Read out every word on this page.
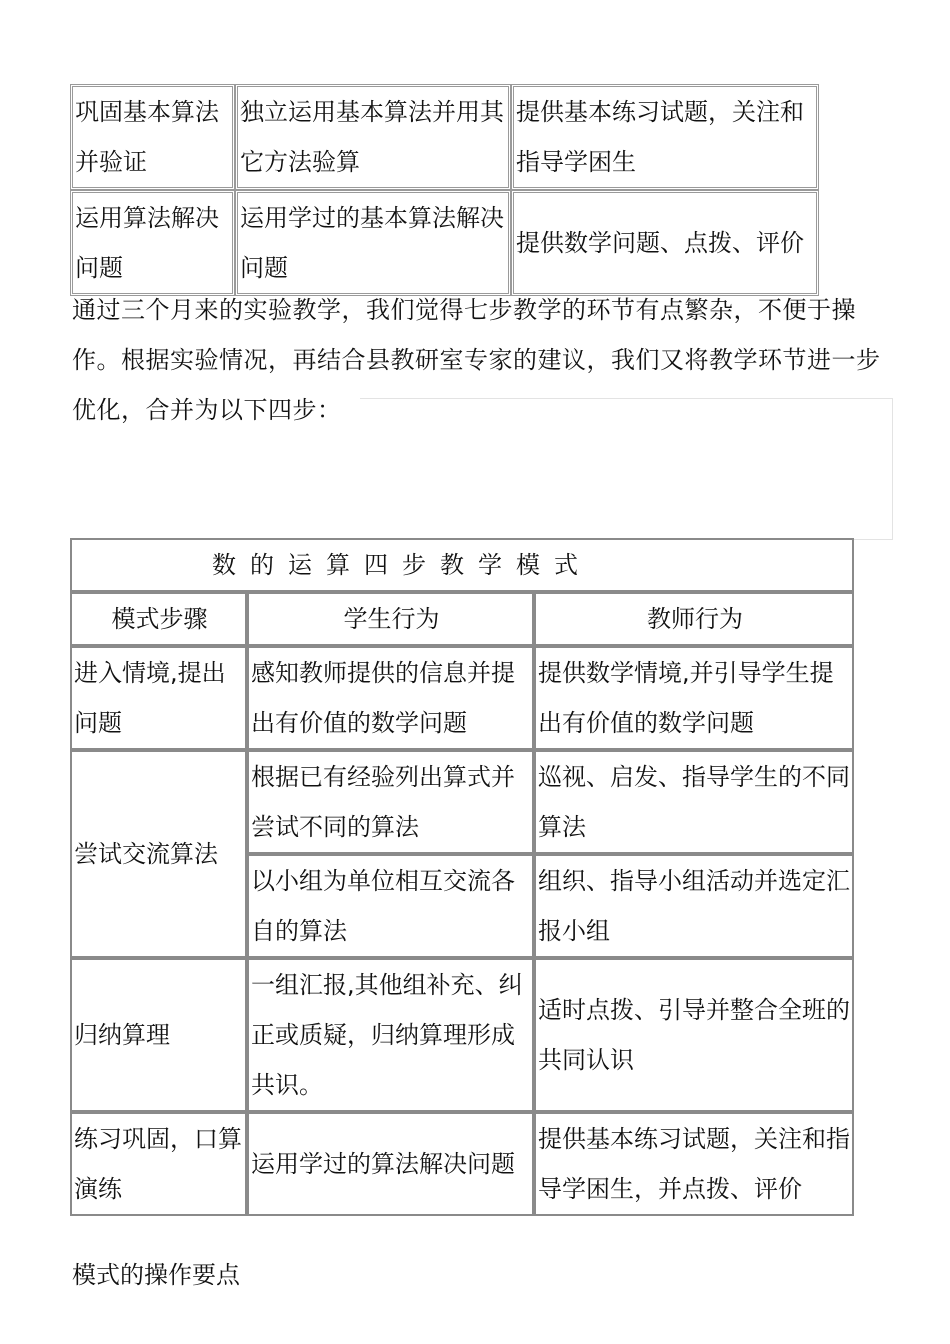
巩固基本算法并验证	独立运用基本算法并用其它方法验算	提供基本练习试题，关注和指导学困生
运用算法解决问题	运用学过的基本算法解决问题	提供数学问题、点拨、评价
通过三个月来的实验教学，我们觉得七步教学的环节有点繁杂，不便于操作。根据实验情况，再结合县教研室专家的建议，我们又将教学环节进一步优化，合并为以下四步：
数的运算四步教学模式		
模式步骤	学生行为	教师行为
进入情境,提出问题	感知教师提供的信息并提出有价值的数学问题	提供数学情境,并引导学生提出有价值的数学问题
尝试交流算法	根据已有经验列出算式并尝试不同的算法	巡视、启发、指导学生的不同算法
	以小组为单位相互交流各自的算法	组织、指导小组活动并选定汇报小组
归纳算理	一组汇报,其他组补充、纠正或质疑，归纳算理形成共识。	适时点拨、引导并整合全班的共同认识
练习巩固，口算演练	运用学过的算法解决问题	提供基本练习试题，关注和指导学困生，并点拨、评价
模式的操作要点
